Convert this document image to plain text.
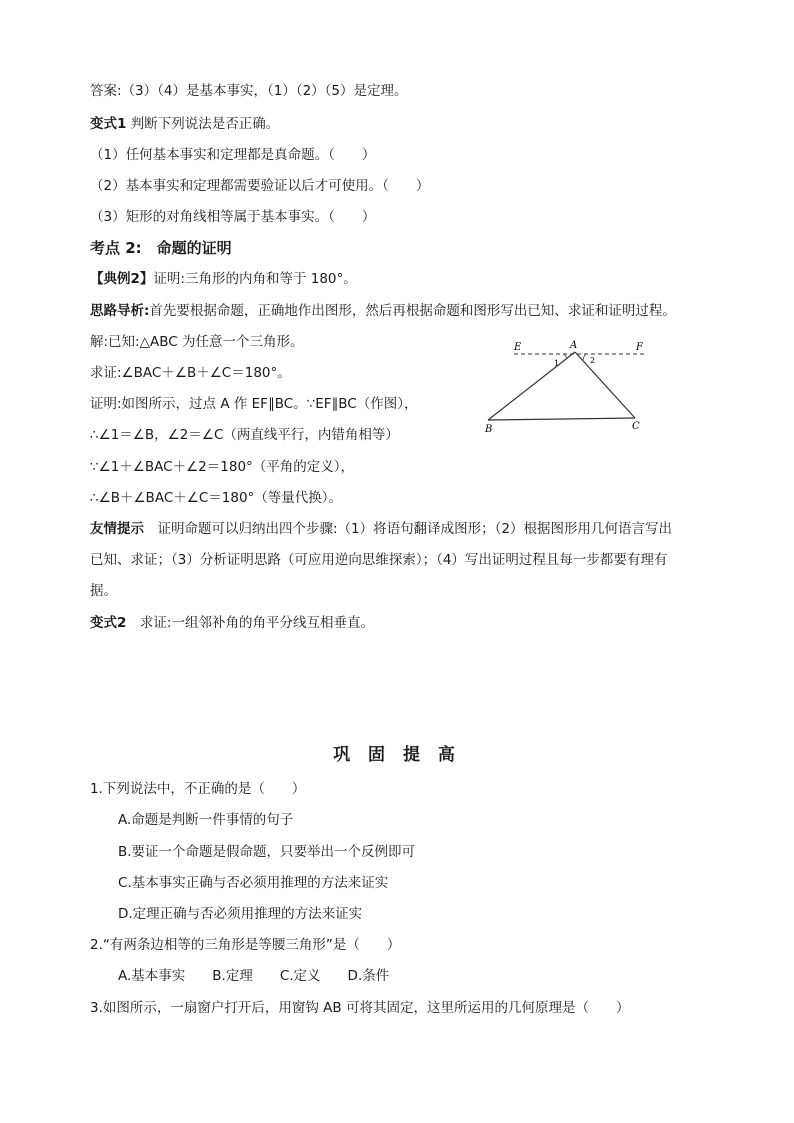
答案:（3）（4）是基本事实，（1）（2）（5）是定理。
变式1 判断下列说法是否正确。
（1）任何基本事实和定理都是真命题。（　　）
（2）基本事实和定理都需要验证以后才可使用。（　　）
（3）矩形的对角线相等属于基本事实。（　　）
考点 2:　命题的证明
【典例2】证明:三角形的内角和等于 180°。
思路导析:首先要根据命题，正确地作出图形，然后再根据命题和图形写出已知、求证和证明过程。
解:已知:△ABC 为任意一个三角形。
求证:∠BAC＋∠B＋∠C＝180°。
证明:如图所示，过点 A 作 EF∥BC。∵EF∥BC（作图），
∴∠1＝∠B，∠2＝∠C（两直线平行，内错角相等）
∵∠1＋∠BAC＋∠2＝180°（平角的定义），
∴∠B＋∠BAC＋∠C＝180°（等量代换）。
友情提示　证明命题可以归纳出四个步骤:（1）将语句翻译成图形；（2）根据图形用几何语言写出
已知、求证；（3）分析证明思路（可应用逆向思维探索）；（4）写出证明过程且每一步都要有理有
据。
变式2　求证:一组邻补角的角平分线互相垂直。
E	A	F
B	C
1	2
巩 固 提 高
1.下列说法中，不正确的是（　　）
A.命题是判断一件事情的句子
B.要证一个命题是假命题，只要举出一个反例即可
C.基本事实正确与否必须用推理的方法来证实
D.定理正确与否必须用推理的方法来证实
2.“有两条边相等的三角形是等腰三角形”是（　　）
A.基本事实　　B.定理　　C.定义　　D.条件
3.如图所示，一扇窗户打开后，用窗钩 AB 可将其固定，这里所运用的几何原理是（　　）
